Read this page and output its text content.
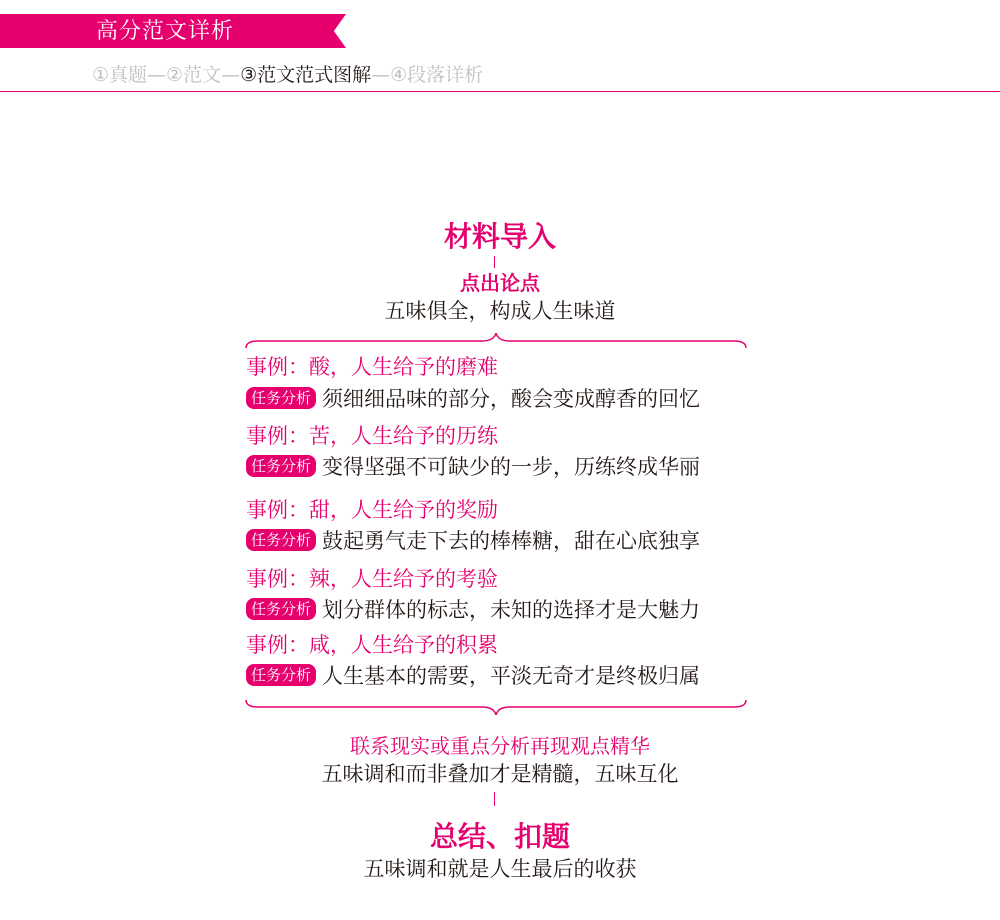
高分范文详析
①真题—②范文—③范文范式图解—④段落详析
材料导入
点出论点
五味俱全，构成人生味道
事例：酸，人生给予的磨难
任务分析 须细细品味的部分，酸会变成醇香的回忆
事例：苦，人生给予的历练
任务分析 变得坚强不可缺少的一步，历练终成华丽
事例：甜，人生给予的奖励
任务分析 鼓起勇气走下去的棒棒糖，甜在心底独享
事例：辣，人生给予的考验
任务分析 划分群体的标志，未知的选择才是大魅力
事例：咸，人生给予的积累
任务分析 人生基本的需要，平淡无奇才是终极归属
联系现实或重点分析再现观点精华
五味调和而非叠加才是精髓，五味互化
总结、扣题
五味调和就是人生最后的收获
